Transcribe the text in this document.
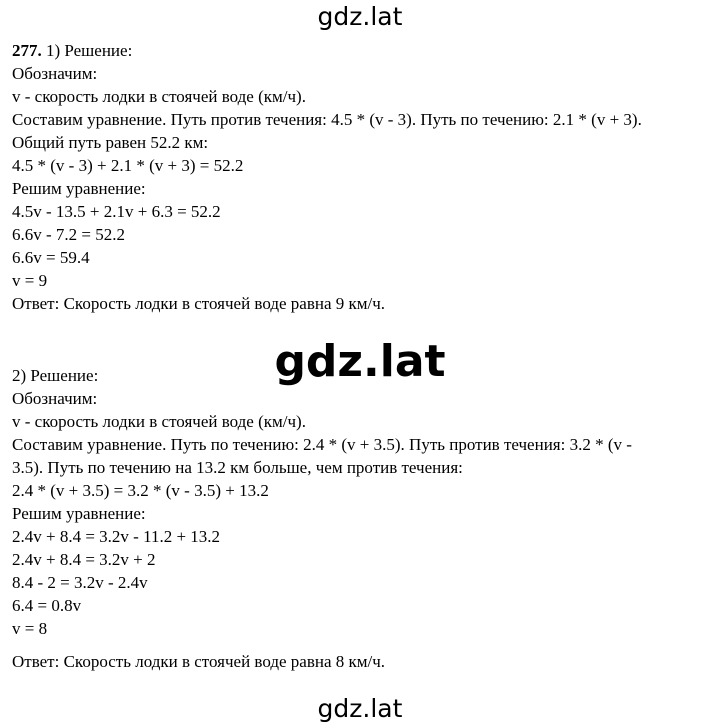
gdz.lat
277. 1) Решение:
Обозначим:
v - скорость лодки в стоячей воде (км/ч).
Составим уравнение. Путь против течения: 4.5 * (v - 3). Путь по течению: 2.1 * (v + 3).
Общий путь равен 52.2 км:
4.5 * (v - 3) + 2.1 * (v + 3) = 52.2
Решим уравнение:
4.5v - 13.5 + 2.1v + 6.3 = 52.2
6.6v - 7.2 = 52.2
6.6v = 59.4
v = 9
Ответ: Скорость лодки в стоячей воде равна 9 км/ч.
gdz.lat
2) Решение:
Обозначим:
v - скорость лодки в стоячей воде (км/ч).
Составим уравнение. Путь по течению: 2.4 * (v + 3.5). Путь против течения: 3.2 * (v -
3.5). Путь по течению на 13.2 км больше, чем против течения:
2.4 * (v + 3.5) = 3.2 * (v - 3.5) + 13.2
Решим уравнение:
2.4v + 8.4 = 3.2v - 11.2 + 13.2
2.4v + 8.4 = 3.2v + 2
8.4 - 2 = 3.2v - 2.4v
6.4 = 0.8v
v = 8
Ответ: Скорость лодки в стоячей воде равна 8 км/ч.
gdz.lat
